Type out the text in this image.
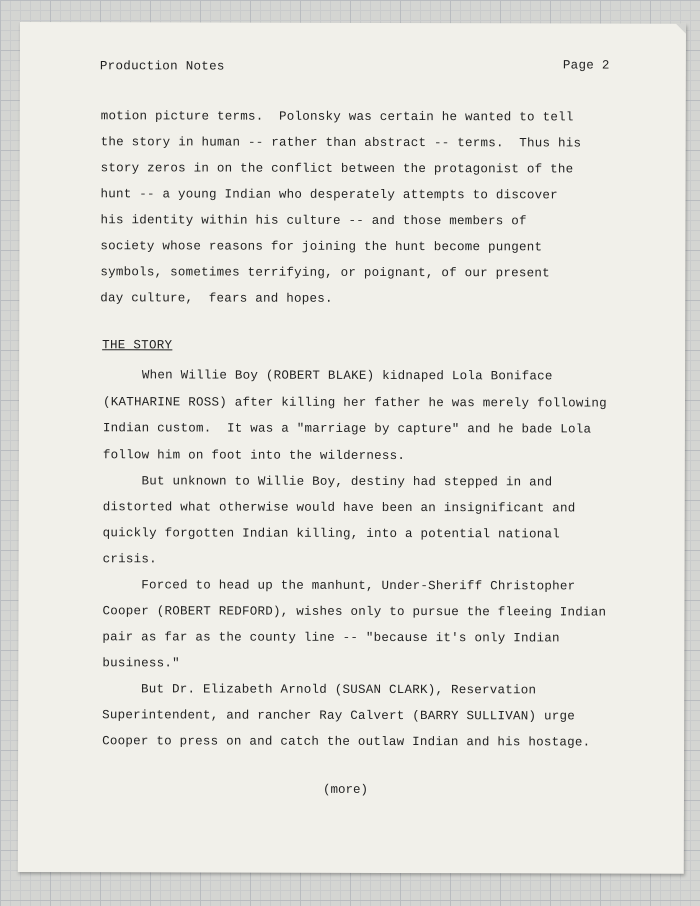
Production Notes	Page 2
motion picture terms.  Polonsky was certain he wanted to tell
the story in human -- rather than abstract -- terms.  Thus his
story zeros in on the conflict between the protagonist of the
hunt -- a young Indian who desperately attempts to discover
his identity within his culture -- and those members of
society whose reasons for joining the hunt become pungent
symbols, sometimes terrifying, or poignant, of our present
day culture,  fears and hopes.
THE STORY
When Willie Boy (ROBERT BLAKE) kidnaped Lola Boniface
(KATHARINE ROSS) after killing her father he was merely following
Indian custom.  It was a "marriage by capture" and he bade Lola
follow him on foot into the wilderness.
But unknown to Willie Boy, destiny had stepped in and
distorted what otherwise would have been an insignificant and
quickly forgotten Indian killing, into a potential national
crisis.
Forced to head up the manhunt, Under-Sheriff Christopher
Cooper (ROBERT REDFORD), wishes only to pursue the fleeing Indian
pair as far as the county line -- "because it's only Indian
business."
But Dr. Elizabeth Arnold (SUSAN CLARK), Reservation
Superintendent, and rancher Ray Calvert (BARRY SULLIVAN) urge
Cooper to press on and catch the outlaw Indian and his hostage.
(more)
